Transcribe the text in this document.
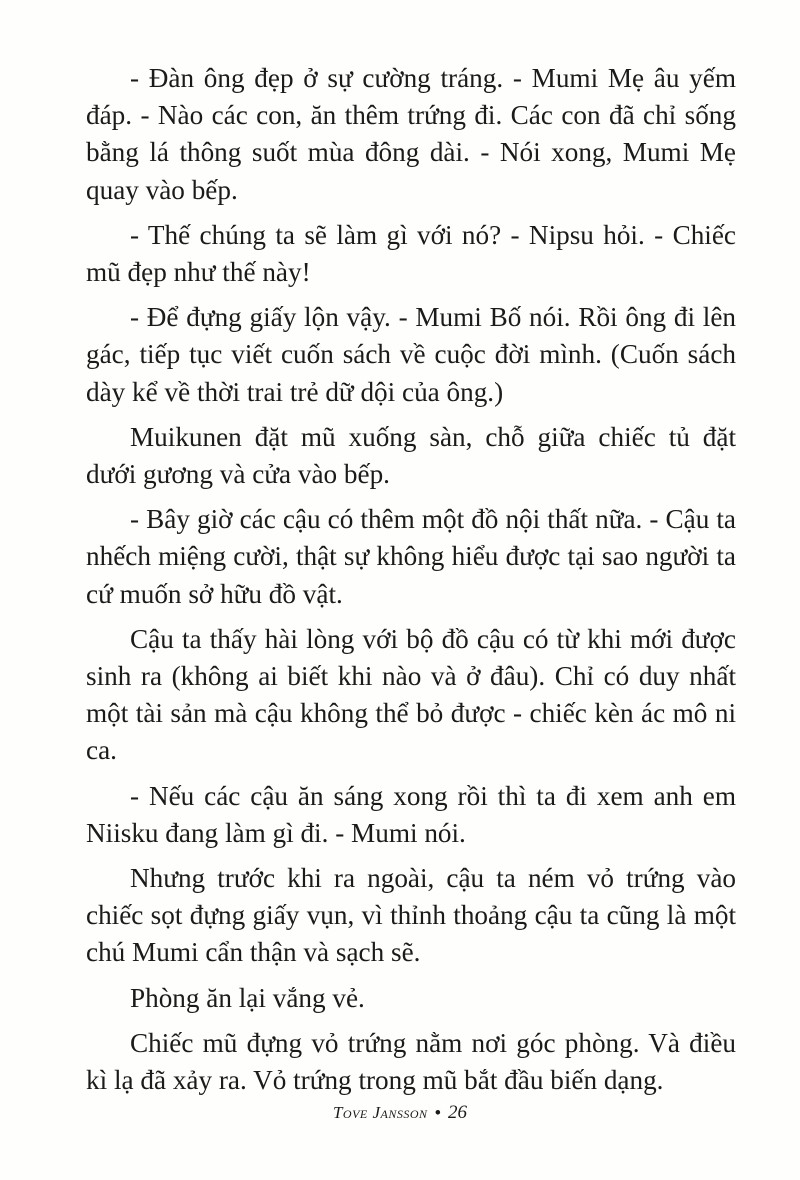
- Đàn ông đẹp ở sự cường tráng. - Mumi Mẹ âu yếm đáp. - Nào các con, ăn thêm trứng đi. Các con đã chỉ sống bằng lá thông suốt mùa đông dài. - Nói xong, Mumi Mẹ quay vào bếp.

- Thế chúng ta sẽ làm gì với nó? - Nipsu hỏi. - Chiếc mũ đẹp như thế này!

- Để đựng giấy lộn vậy. - Mumi Bố nói. Rồi ông đi lên gác, tiếp tục viết cuốn sách về cuộc đời mình. (Cuốn sách dày kể về thời trai trẻ dữ dội của ông.)

Muikunen đặt mũ xuống sàn, chỗ giữa chiếc tủ đặt dưới gương và cửa vào bếp.

- Bây giờ các cậu có thêm một đồ nội thất nữa. - Cậu ta nhếch miệng cười, thật sự không hiểu được tại sao người ta cứ muốn sở hữu đồ vật.

Cậu ta thấy hài lòng với bộ đồ cậu có từ khi mới được sinh ra (không ai biết khi nào và ở đâu). Chỉ có duy nhất một tài sản mà cậu không thể bỏ được - chiếc kèn ác mô ni ca.

- Nếu các cậu ăn sáng xong rồi thì ta đi xem anh em Niisku đang làm gì đi. - Mumi nói.

Nhưng trước khi ra ngoài, cậu ta ném vỏ trứng vào chiếc sọt đựng giấy vụn, vì thỉnh thoảng cậu ta cũng là một chú Mumi cẩn thận và sạch sẽ.

Phòng ăn lại vắng vẻ.

Chiếc mũ đựng vỏ trứng nằm nơi góc phòng. Và điều kì lạ đã xảy ra. Vỏ trứng trong mũ bắt đầu biến dạng.

Tove Jansson • 26
